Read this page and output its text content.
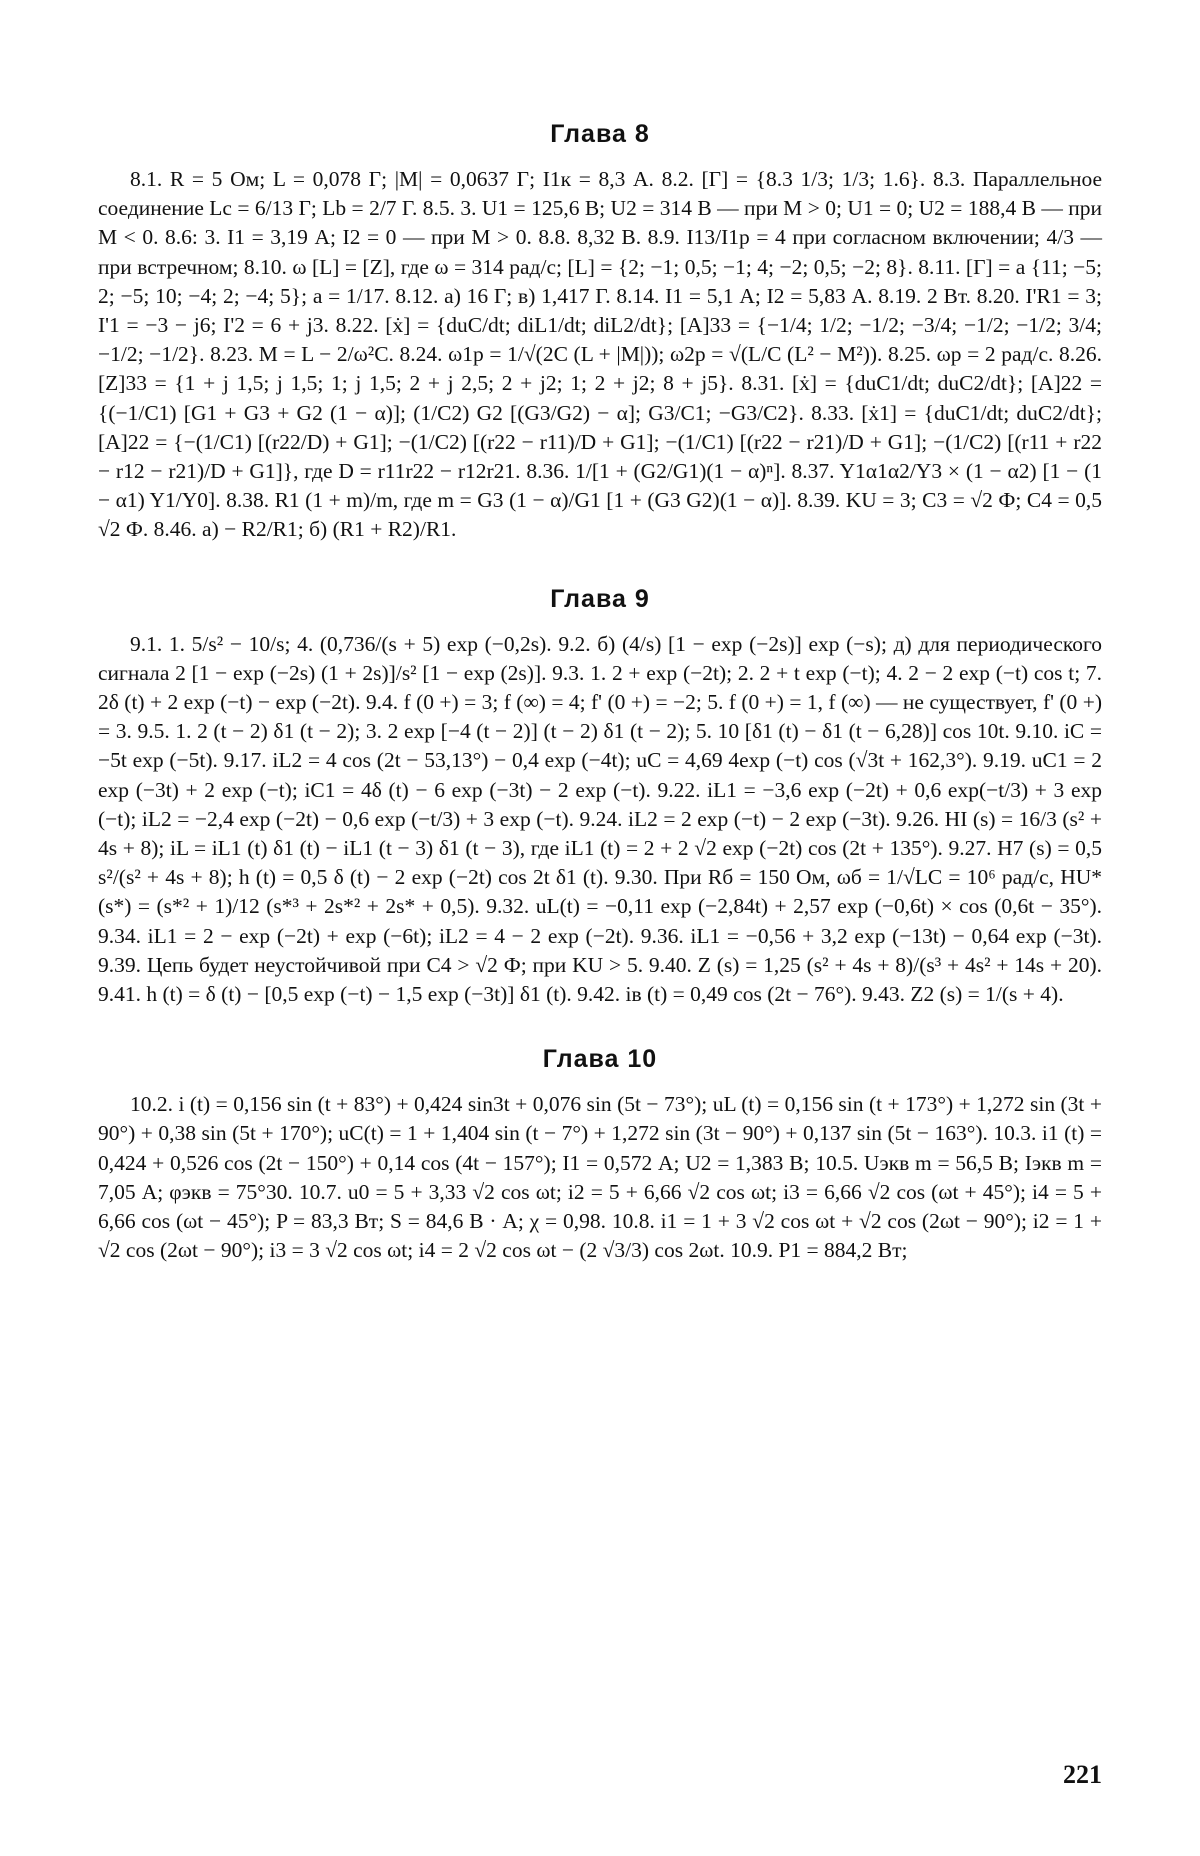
Глава 8

8.1. R = 5 Ом; L = 0,078 Г; |M| = 0,0637 Г; I1к = 8,3 А. 8.2. [Г] = {8.3 1/3; 1/3; 1.6}. 8.3. Параллельное соединение Lc = 6/13 Г; Lb = 2/7 Г. 8.5. 3. U1 = 125,6 В; U2 = 314 В — при M > 0; U1 = 0; U2 = 188,4 В — при M < 0. 8.6: 3. I1 = 3,19 А; I2 = 0 — при M > 0. 8.8. 8,32 В. 8.9. I13/I1p = 4 при согласном включении; 4/3 — при встречном; 8.10. ω [L] = [Z], где ω = 314 рад/с; [L] = {2; −1; 0,5; −1; 4; −2; 0,5; −2; 8}. 8.11. [Г] = a {11; −5; 2; −5; 10; −4; 2; −4; 5}; a = 1/17. 8.12. а) 16 Г; в) 1,417 Г. 8.14. I1 = 5,1 А; I2 = 5,83 А. 8.19. 2 Вт. 8.20. I'R1 = 3; I'1 = −3 − j6; I'2 = 6 + j3. 8.22. [ẋ] = {duC/dt; diL1/dt; diL2/dt}; [A]33 = {−1/4; 1/2; −1/2; −3/4; −1/2; −1/2; 3/4; −1/2; −1/2}. 8.23. M = L − 2/ω²C. 8.24. ω1p = 1/√(2C (L + |M|)); ω2p = √(L/C (L² − M²)). 8.25. ωp = 2 рад/с. 8.26. [Z]33 = {1 + j 1,5; j 1,5; 1; j 1,5; 2 + j 2,5; 2 + j2; 1; 2 + j2; 8 + j5}. 8.31. [ẋ] = {duC1/dt; duC2/dt}; [A]22 = {(−1/C1) [G1 + G3 + G2 (1 − α)]; (1/C2) G2 [(G3/G2) − α]; G3/C1; −G3/C2}. 8.33. [ẋ1] = {duC1/dt; duC2/dt}; [A]22 = {−(1/C1) [(r22/D) + G1]; −(1/C2) [(r22 − r11)/D + G1]; −(1/C1) [(r22 − r21)/D + G1]; −(1/C2) [(r11 + r22 − r12 − r21)/D + G1]}, где D = r11r22 − r12r21. 8.36. 1/[1 + (G2/G1)(1 − α)ⁿ]. 8.37. Y1α1α2/Y3 × (1 − α2) [1 − (1 − α1) Y1/Y0]. 8.38. R1 (1 + m)/m, где m = G3 (1 − α)/G1 [1 + (G3 G2)(1 − α)]. 8.39. KU = 3; C3 = √2 Ф; C4 = 0,5 √2 Ф. 8.46. а) − R2/R1; б) (R1 + R2)/R1.

Глава 9

9.1. 1. 5/s² − 10/s; 4. (0,736/(s + 5) exp (−0,2s). 9.2. б) (4/s) [1 − exp (−2s)] exp (−s); д) для периодического сигнала 2 [1 − exp (−2s) (1 + 2s)]/s² [1 − exp (2s)]. 9.3. 1. 2 + exp (−2t); 2. 2 + t exp (−t); 4. 2 − 2 exp (−t) cos t; 7. 2δ (t) + 2 exp (−t) − exp (−2t). 9.4. f (0 +) = 3; f (∞) = 4; f' (0 +) = −2; 5. f (0 +) = 1, f (∞) — не существует, f' (0 +) = 3. 9.5. 1. 2 (t − 2) δ1 (t − 2); 3. 2 exp [−4 (t − 2)] (t − 2) δ1 (t − 2); 5. 10 [δ1 (t) − δ1 (t − 6,28)] cos 10t. 9.10. iC = −5t exp (−5t). 9.17. iL2 = 4 cos (2t − 53,13°) − 0,4 exp (−4t); uC = 4,69 4exp (−t) cos (√3t + 162,3°). 9.19. uC1 = 2 exp (−3t) + 2 exp (−t); iC1 = 4δ (t) − 6 exp (−3t) − 2 exp (−t). 9.22. iL1 = −3,6 exp (−2t) + 0,6 exp(−t/3) + 3 exp (−t); iL2 = −2,4 exp (−2t) − 0,6 exp (−t/3) + 3 exp (−t). 9.24. iL2 = 2 exp (−t) − 2 exp (−3t). 9.26. HI (s) = 16/3 (s² + 4s + 8); iL = iL1 (t) δ1 (t) − iL1 (t − 3) δ1 (t − 3), где iL1 (t) = 2 + 2 √2 exp (−2t) cos (2t + 135°). 9.27. H7 (s) = 0,5 s²/(s² + 4s + 8); h (t) = 0,5 δ (t) − 2 exp (−2t) cos 2t δ1 (t). 9.30. При Rб = 150 Ом, ωб = 1/√LC = 10⁶ рад/с, HU* (s*) = (s*² + 1)/12 (s*³ + 2s*² + 2s* + 0,5). 9.32. uL(t) = −0,11 exp (−2,84t) + 2,57 exp (−0,6t) × cos (0,6t − 35°). 9.34. iL1 = 2 − exp (−2t) + exp (−6t); iL2 = 4 − 2 exp (−2t). 9.36. iL1 = −0,56 + 3,2 exp (−13t) − 0,64 exp (−3t). 9.39. Цепь будет неустойчивой при C4 > √2 Ф; при KU > 5. 9.40. Z (s) = 1,25 (s² + 4s + 8)/(s³ + 4s² + 14s + 20). 9.41. h (t) = δ (t) − [0,5 exp (−t) − 1,5 exp (−3t)] δ1 (t). 9.42. iв (t) = 0,49 cos (2t − 76°). 9.43. Z2 (s) = 1/(s + 4).

Глава 10

10.2. i (t) = 0,156 sin (t + 83°) + 0,424 sin3t + 0,076 sin (5t − 73°); uL (t) = 0,156 sin (t + 173°) + 1,272 sin (3t + 90°) + 0,38 sin (5t + 170°); uC(t) = 1 + 1,404 sin (t − 7°) + 1,272 sin (3t − 90°) + 0,137 sin (5t − 163°). 10.3. i1 (t) = 0,424 + 0,526 cos (2t − 150°) + 0,14 cos (4t − 157°); I1 = 0,572 А; U2 = 1,383 В; 10.5. Uэкв m = 56,5 В; Iэкв m = 7,05 А; φэкв = 75°30. 10.7. u0 = 5 + 3,33 √2 cos ωt; i2 = 5 + 6,66 √2 cos ωt; i3 = 6,66 √2 cos (ωt + 45°); i4 = 5 + 6,66 cos (ωt − 45°); P = 83,3 Вт; S = 84,6 В · А; χ = 0,98. 10.8. i1 = 1 + 3 √2 cos ωt + √2 cos (2ωt − 90°); i2 = 1 + √2 cos (2ωt − 90°); i3 = 3 √2 cos ωt; i4 = 2 √2 cos ωt − (2 √3/3) cos 2ωt. 10.9. P1 = 884,2 Вт;

221
